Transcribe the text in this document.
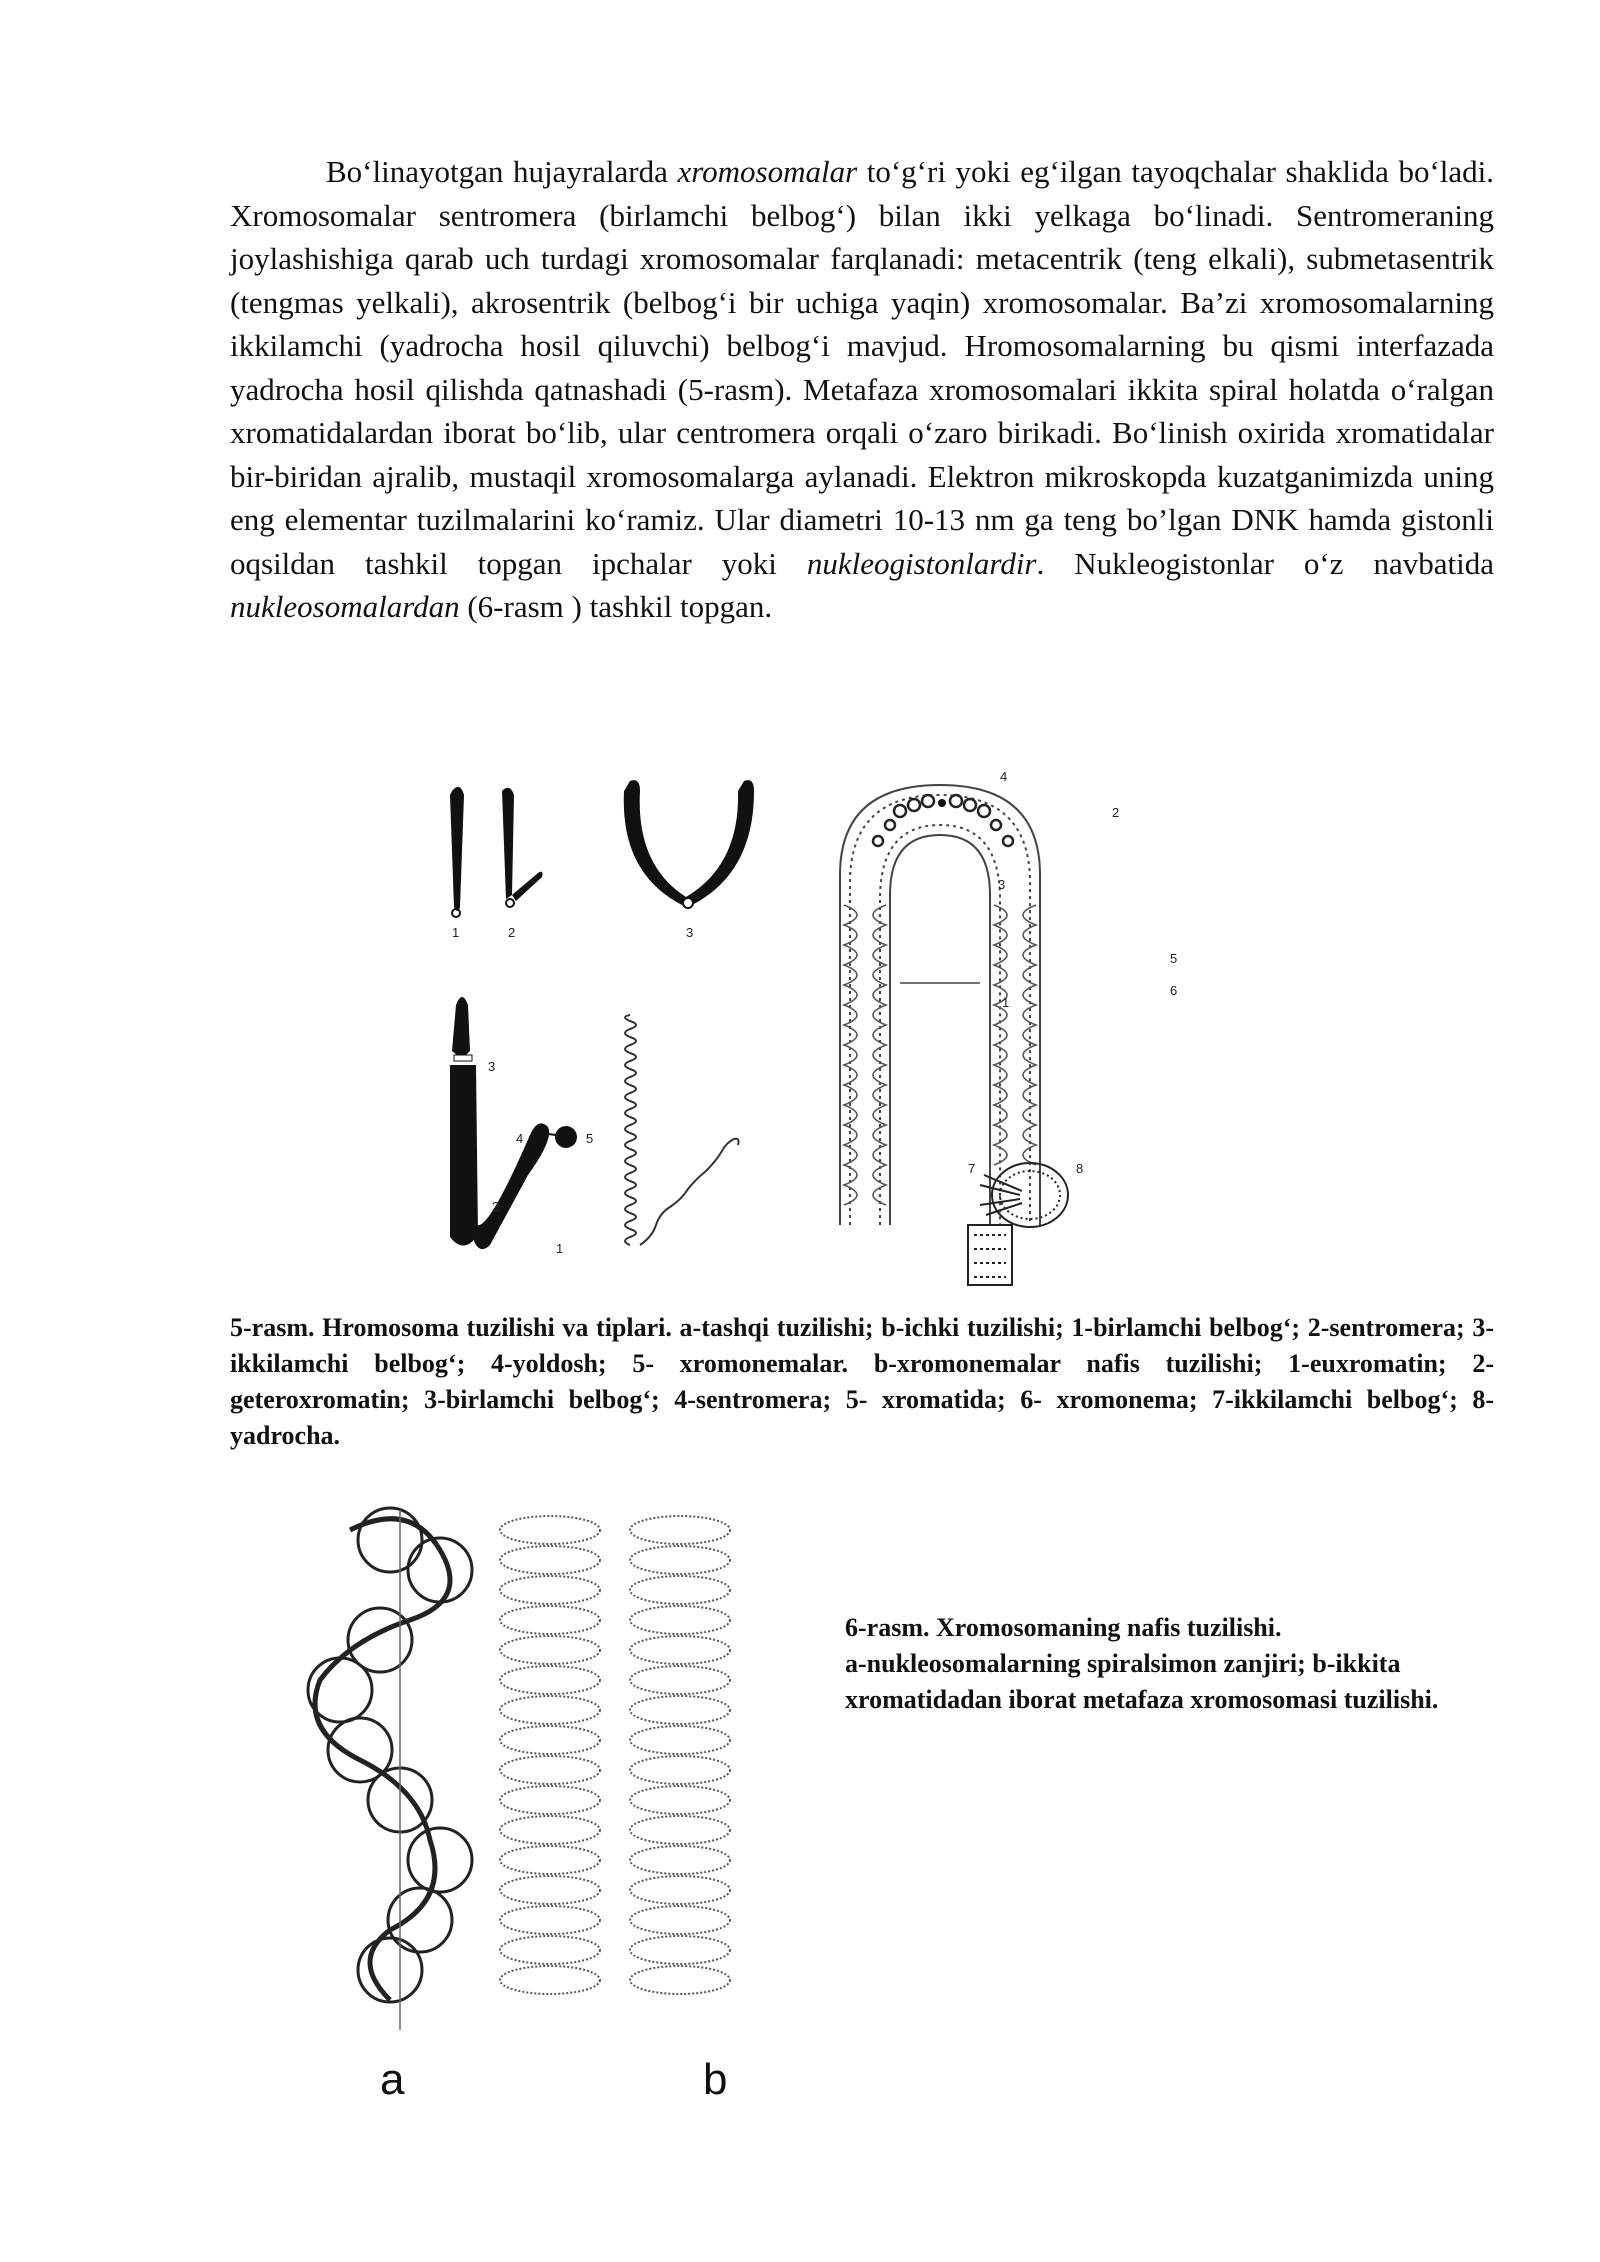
Bo‘linayotgan hujayralarda xromosomalar to‘g‘ri yoki eg‘ilgan tayoqchalar shaklida bo‘ladi. Xromosomalar sentromera (birlamchi belbog‘) bilan ikki yelkaga bo‘linadi. Sentromeraning joylashishiga qarab uch turdagi xromosomalar farqlanadi: metacentrik (teng elkali), submetasentrik (tengmas yelkali), akrosentrik (belbog‘i bir uchiga yaqin) xromosomalar. Ba’zi xromosomalarning ikkilamchi (yadrocha hosil qiluvchi) belbog‘i mavjud. Hromosomalarning bu qismi interfazada yadrocha hosil qilishda qatnashadi (5-rasm). Metafaza xromosomalari ikkita spiral holatda o‘ralgan xromatidalardan iborat bo‘lib, ular centromera orqali o‘zaro birikadi. Bo‘linish oxirida xromatidalar bir-biridan ajralib, mustaqil xromosomalarga aylanadi. Elektron mikroskopda kuzatganimizda uning eng elementar tuzilmalarini ko‘ramiz. Ular diametri 10-13 nm ga teng bo’lgan DNK hamda gistonli oqsildan tashkil topgan ipchalar yoki nukleogistonlardir. Nukleogistonlar o‘z navbatida nukleosomalardan (6-rasm ) tashkil topgan.
1	2	3
1
2
3
4	5
4
2
3
5
6
1
7	8
5-rasm. Hromosoma tuzilishi va tiplari. a-tashqi tuzilishi; b-ichki tuzilishi; 1-birlamchi belbog‘; 2-sentromera; 3-ikkilamchi belbog‘; 4-yoldosh; 5- xromonemalar. b-xromonemalar nafis tuzilishi; 1-euxromatin; 2-geteroxromatin; 3-birlamchi belbog‘; 4-sentromera; 5- xromatida; 6- xromonema; 7-ikkilamchi belbog‘; 8-yadrocha.
6-rasm. Xromosomaning nafis tuzilishi.
a-nukleosomalarning spiralsimon zanjiri; b-ikkita
xromatidadan iborat metafaza xromosomasi tuzilishi.
a	b
